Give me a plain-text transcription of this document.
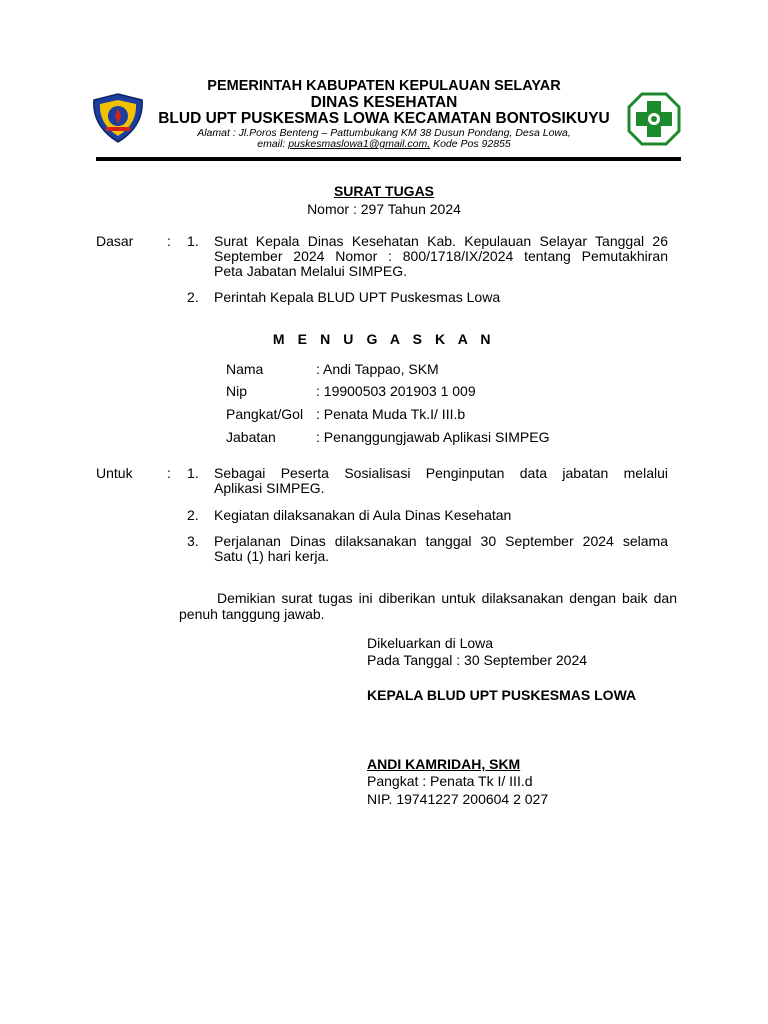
PEMERINTAH KABUPATEN KEPULAUAN SELAYAR
DINAS KESEHATAN
BLUD UPT PUSKESMAS LOWA KECAMATAN BONTOSIKUYU
Alamat : Jl.Poros Benteng – Pattumbukang KM 38 Dusun Pondang, Desa Lowa,
email: puskesmaslowa1@gmail.com, Kode Pos 92855
SURAT TUGAS
Nomor : 297 Tahun 2024
Dasar : 1. Surat Kepala Dinas Kesehatan Kab. Kepulauan Selayar Tanggal 26 September 2024 Nomor : 800/1718/IX/2024 tentang Pemutakhiran
Peta Jabatan Melalui SIMPEG.
2. Perintah Kepala BLUD UPT Puskesmas Lowa
M E N U G A S K A N
Nama	: Andi Tappao, SKM
Nip	: 19900503 201903 1 009
Pangkat/Gol : Penata Muda Tk.I/ III.b
Jabatan	: Penanggungjawab Aplikasi SIMPEG
Untuk : 1. Sebagai Peserta Sosialisasi Penginputan data jabatan melalui
Aplikasi SIMPEG.
2. Kegiatan dilaksanakan di Aula Dinas Kesehatan
3. Perjalanan Dinas dilaksanakan tanggal 30 September 2024 selama
Satu (1) hari kerja.
Demikian surat tugas ini diberikan untuk dilaksanakan dengan baik dan penuh tanggung jawab.
Dikeluarkan di Lowa
Pada Tanggal : 30 September 2024
KEPALA BLUD UPT PUSKESMAS LOWA
ANDI KAMRIDAH, SKM
Pangkat : Penata Tk I/ III.d
NIP. 19741227 200604 2 027
